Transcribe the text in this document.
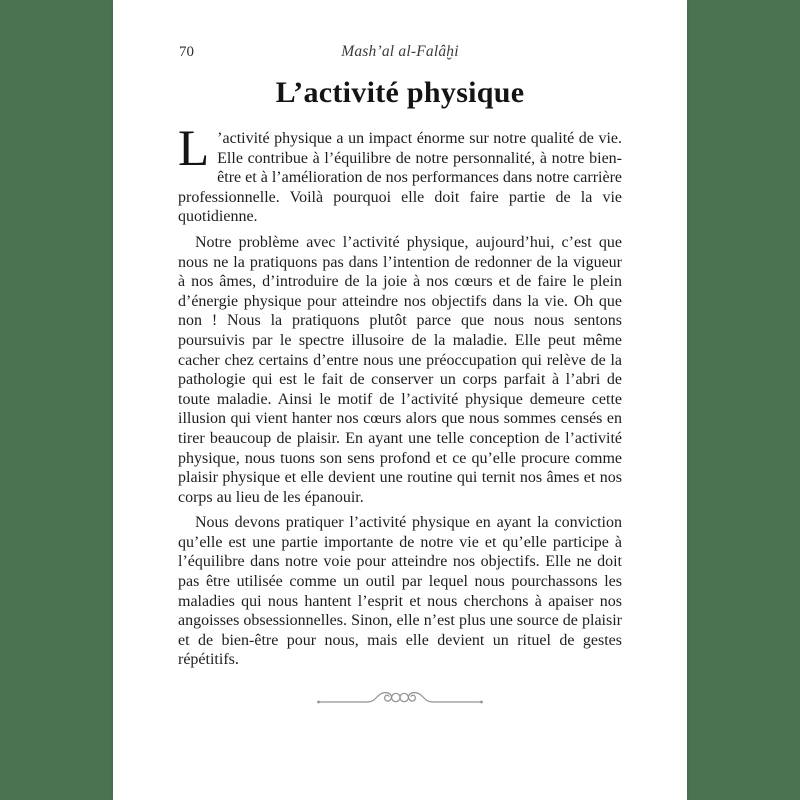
70	Mash’al al-Falâḫi
L’activité physique

L ’activité physique a un impact énorme sur notre qualité de vie. Elle contribue à l’équilibre de notre personnalité, à notre bien-être et à l’amélioration de nos performances dans notre carrière professionnelle. Voilà pourquoi elle doit faire partie de la vie quotidienne.

Notre problème avec l’activité physique, aujourd’hui, c’est que nous ne la pratiquons pas dans l’intention de redonner de la vigueur à nos âmes, d’introduire de la joie à nos cœurs et de faire le plein d’énergie physique pour atteindre nos objectifs dans la vie. Oh que non ! Nous la pratiquons plutôt parce que nous nous sentons poursuivis par le spectre illusoire de la maladie. Elle peut même cacher chez certains d’entre nous une préoccupation qui relève de la pathologie qui est le fait de conserver un corps parfait à l’abri de toute maladie. Ainsi le motif de l’activité physique demeure cette illusion qui vient hanter nos cœurs alors que nous sommes censés en tirer beaucoup de plaisir. En ayant une telle conception de l’activité physique, nous tuons son sens profond et ce qu’elle procure comme plaisir physique et elle devient une routine qui ternit nos âmes et nos corps au lieu de les épanouir.

Nous devons pratiquer l’activité physique en ayant la conviction qu’elle est une partie importante de notre vie et qu’elle participe à l’équilibre dans notre voie pour atteindre nos objectifs. Elle ne doit pas être utilisée comme un outil par lequel nous pourchassons les maladies qui nous hantent l’esprit et nous cherchons à apaiser nos angoisses obsessionnelles. Sinon, elle n’est plus une source de plaisir et de bien-être pour nous, mais elle devient un rituel de gestes répétitifs.
